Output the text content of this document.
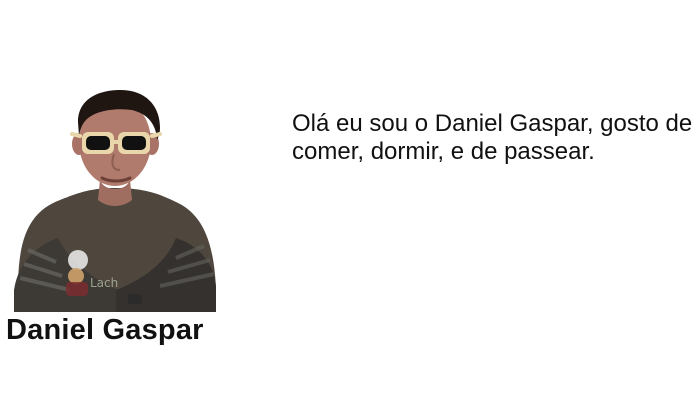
Lach
Daniel Gaspar
Olá eu sou o Daniel Gaspar, gosto de comer, dormir, e de passear.
